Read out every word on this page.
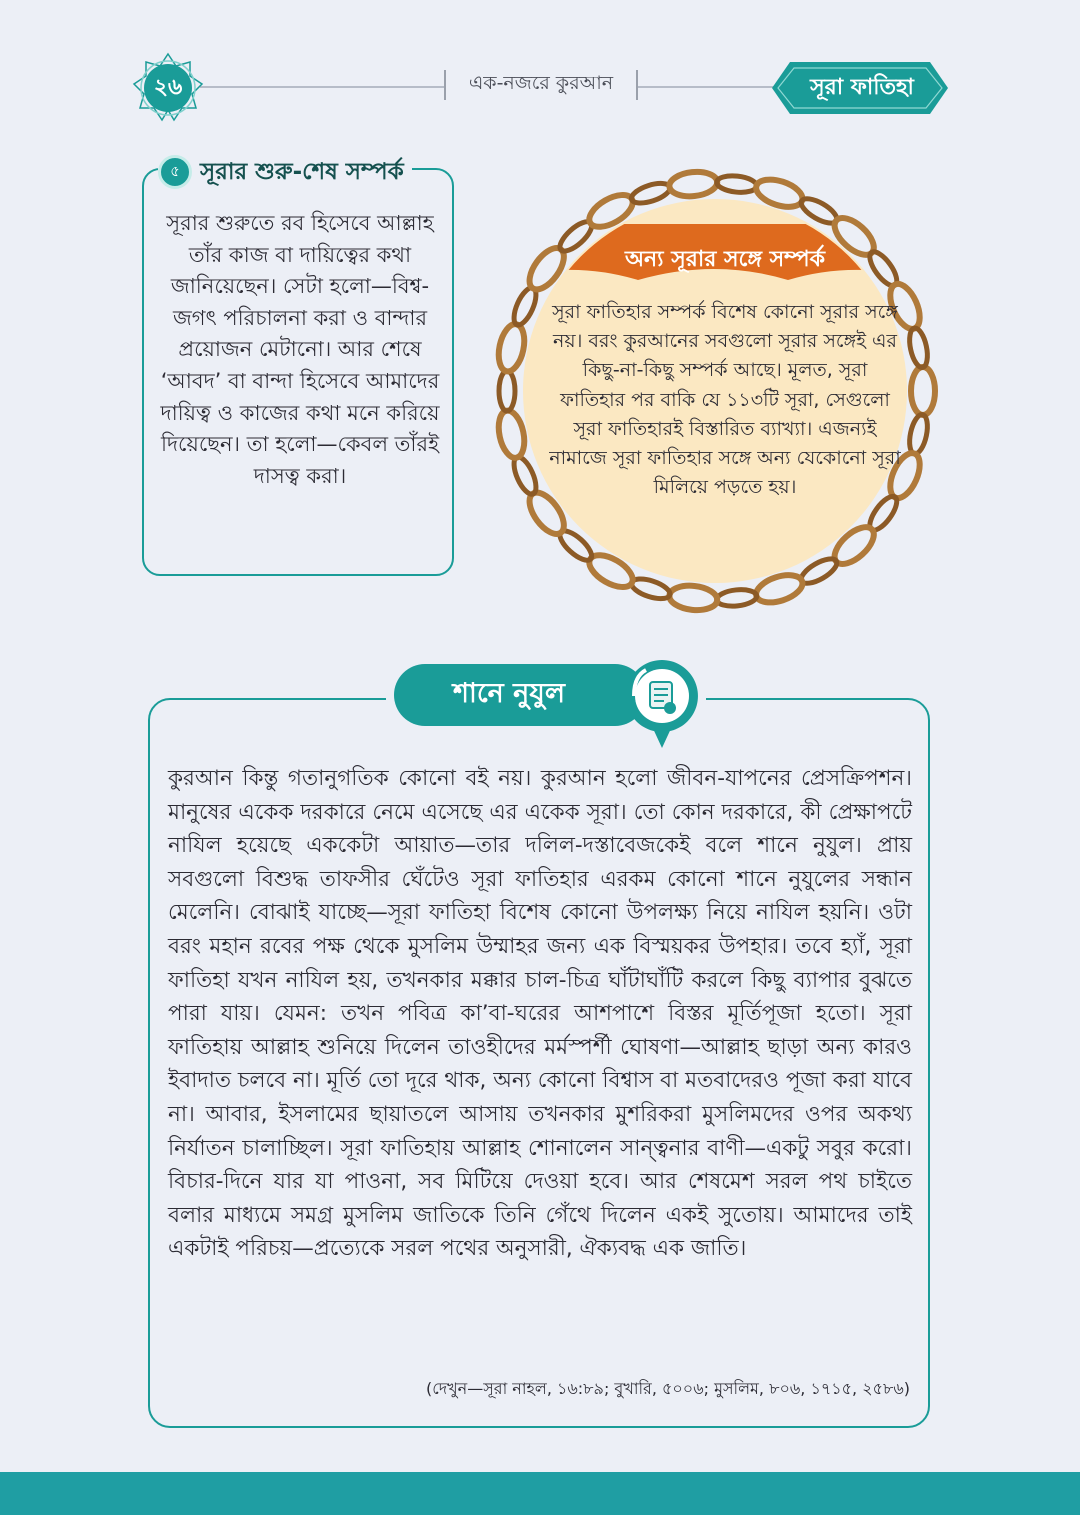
২৬	এক-নজরে কুরআন	সূরা ফাতিহা
৫ সূরার শুরু-শেষ সম্পর্ক
সূরার শুরুতে রব হিসেবে আল্লাহ তাঁর কাজ বা দায়িত্বের কথা জানিয়েছেন। সেটা হলো—বিশ্ব-জগৎ পরিচালনা করা ও বান্দার প্রয়োজন মেটানো। আর শেষে ‘আবদ’ বা বান্দা হিসেবে আমাদের দায়িত্ব ও কাজের কথা মনে করিয়ে দিয়েছেন। তা হলো—কেবল তাঁরই দাসত্ব করা।
অন্য সূরার সঙ্গে সম্পর্ক
সূরা ফাতিহার সম্পর্ক বিশেষ কোনো সূরার সঙ্গে নয়। বরং কুরআনের সবগুলো সূরার সঙ্গেই এর কিছু-না-কিছু সম্পর্ক আছে। মূলত, সূরা ফাতিহার পর বাকি যে ১১৩টি সূরা, সেগুলো সূরা ফাতিহারই বিস্তারিত ব্যাখ্যা। এজন্যই নামাজে সূরা ফাতিহার সঙ্গে অন্য যেকোনো সূরা মিলিয়ে পড়তে হয়।
শানে নুযুল
কুরআন কিন্তু গতানুগতিক কোনো বই নয়। কুরআন হলো জীবন-যাপনের প্রেসক্রিপশন। মানুষের একেক দরকারে নেমে এসেছে এর একেক সূরা। তো কোন দরকারে, কী প্রেক্ষাপটে নাযিল হয়েছে এককেটা আয়াত—তার দলিল-দস্তাবেজকেই বলে শানে নুযুল। প্রায় সবগুলো বিশুদ্ধ তাফসীর ঘেঁটেও সূরা ফাতিহার এরকম কোনো শানে নুযুলের সন্ধান মেলেনি। বোঝাই যাচ্ছে—সূরা ফাতিহা বিশেষ কোনো উপলক্ষ্য নিয়ে নাযিল হয়নি। ওটা বরং মহান রবের পক্ষ থেকে মুসলিম উম্মাহর জন্য এক বিস্ময়কর উপহার। তবে হ্যাঁ, সূরা ফাতিহা যখন নাযিল হয়, তখনকার মক্কার চাল-চিত্র ঘাঁটাঘাঁটি করলে কিছু ব্যাপার বুঝতে পারা যায়। যেমন: তখন পবিত্র কা’বা-ঘরের আশপাশে বিস্তর মূর্তিপূজা হতো। সূরা ফাতিহায় আল্লাহ শুনিয়ে দিলেন তাওহীদের মর্মস্পর্শী ঘোষণা—আল্লাহ ছাড়া অন্য কারও ইবাদাত চলবে না। মূর্তি তো দূরে থাক, অন্য কোনো বিশ্বাস বা মতবাদেরও পূজা করা যাবে না। আবার, ইসলামের ছায়াতলে আসায় তখনকার মুশরিকরা মুসলিমদের ওপর অকথ্য নির্যাতন চালাচ্ছিল। সূরা ফাতিহায় আল্লাহ শোনালেন সান্ত্বনার বাণী—একটু সবুর করো। বিচার-দিনে যার যা পাওনা, সব মিটিয়ে দেওয়া হবে। আর শেষমেশ সরল পথ চাইতে বলার মাধ্যমে সমগ্র মুসলিম জাতিকে তিনি গেঁথে দিলেন একই সুতোয়। আমাদের তাই একটাই পরিচয়—প্রত্যেকে সরল পথের অনুসারী, ঐক্যবদ্ধ এক জাতি।
(দেখুন—সূরা নাহল, ১৬:৮৯; বুখারি, ৫০০৬; মুসলিম, ৮০৬, ১৭১৫, ২৫৮৬)
